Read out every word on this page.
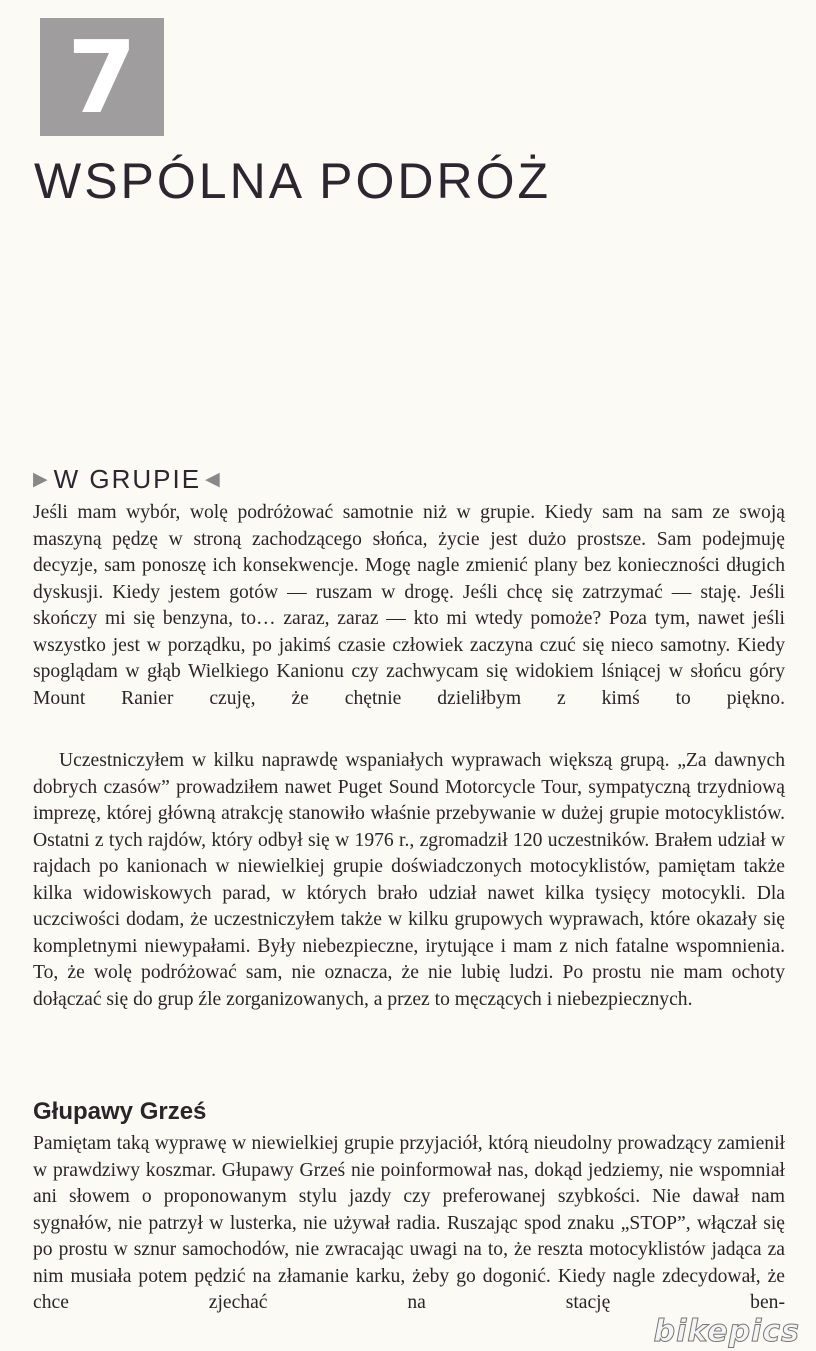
7
WSPÓLNA PODRÓŻ
▶ W GRUPIE ◀

Jeśli mam wybór, wolę podróżować samotnie niż w grupie. Kiedy sam na sam ze swoją maszyną pędzę w stroną zachodzącego słońca, życie jest dużo prostsze. Sam podejmuję decyzje, sam ponoszę ich konsekwencje. Mogę nagle zmienić plany bez konieczności długich dyskusji. Kiedy jestem gotów — ruszam w drogę. Jeśli chcę się zatrzymać — staję. Jeśli skończy mi się benzyna, to… zaraz, zaraz — kto mi wtedy pomoże? Poza tym, nawet jeśli wszystko jest w porządku, po jakimś czasie człowiek zaczyna czuć się nieco samotny. Kiedy spoglądam w głąb Wielkiego Kanionu czy zachwycam się widokiem lśniącej w słońcu góry Mount Ranier czuję, że chętnie dzieliłbym z kimś to piękno.

Uczestniczyłem w kilku naprawdę wspaniałych wyprawach większą grupą. „Za dawnych dobrych czasów” prowadziłem nawet Puget Sound Motorcycle Tour, sympatyczną trzydniową imprezę, której główną atrakcję stanowiło właśnie przebywanie w dużej grupie motocyklistów. Ostatni z tych rajdów, który odbył się w 1976 r., zgromadził 120 uczestników. Brałem udział w rajdach po kanionach w niewielkiej grupie doświadczonych motocyklistów, pamiętam także kilka widowiskowych parad, w których brało udział nawet kilka tysięcy motocykli. Dla uczciwości dodam, że uczestniczyłem także w kilku grupowych wyprawach, które okazały się kompletnymi niewypałami. Były niebezpieczne, irytujące i mam z nich fatalne wspomnienia. To, że wolę podróżować sam, nie oznacza, że nie lubię ludzi. Po prostu nie mam ochoty dołączać się do grup źle zorganizowanych, a przez to męczących i niebezpiecznych.

Głupawy Grześ

Pamiętam taką wyprawę w niewielkiej grupie przyjaciół, którą nieudolny prowadzący zamienił w prawdziwy koszmar. Głupawy Grześ nie poinformował nas, dokąd jedziemy, nie wspomniał ani słowem o proponowanym stylu jazdy czy preferowanej szybkości. Nie dawał nam sygnałów, nie patrzył w lusterka, nie używał radia. Ruszając spod znaku „STOP”, włączał się po prostu w sznur samochodów, nie zwracając uwagi na to, że reszta motocyklistów jadąca za nim musiała potem pędzić na złamanie karku, żeby go dogonić. Kiedy nagle zdecydował, że chce zjechać na stację ben-

bikepics
